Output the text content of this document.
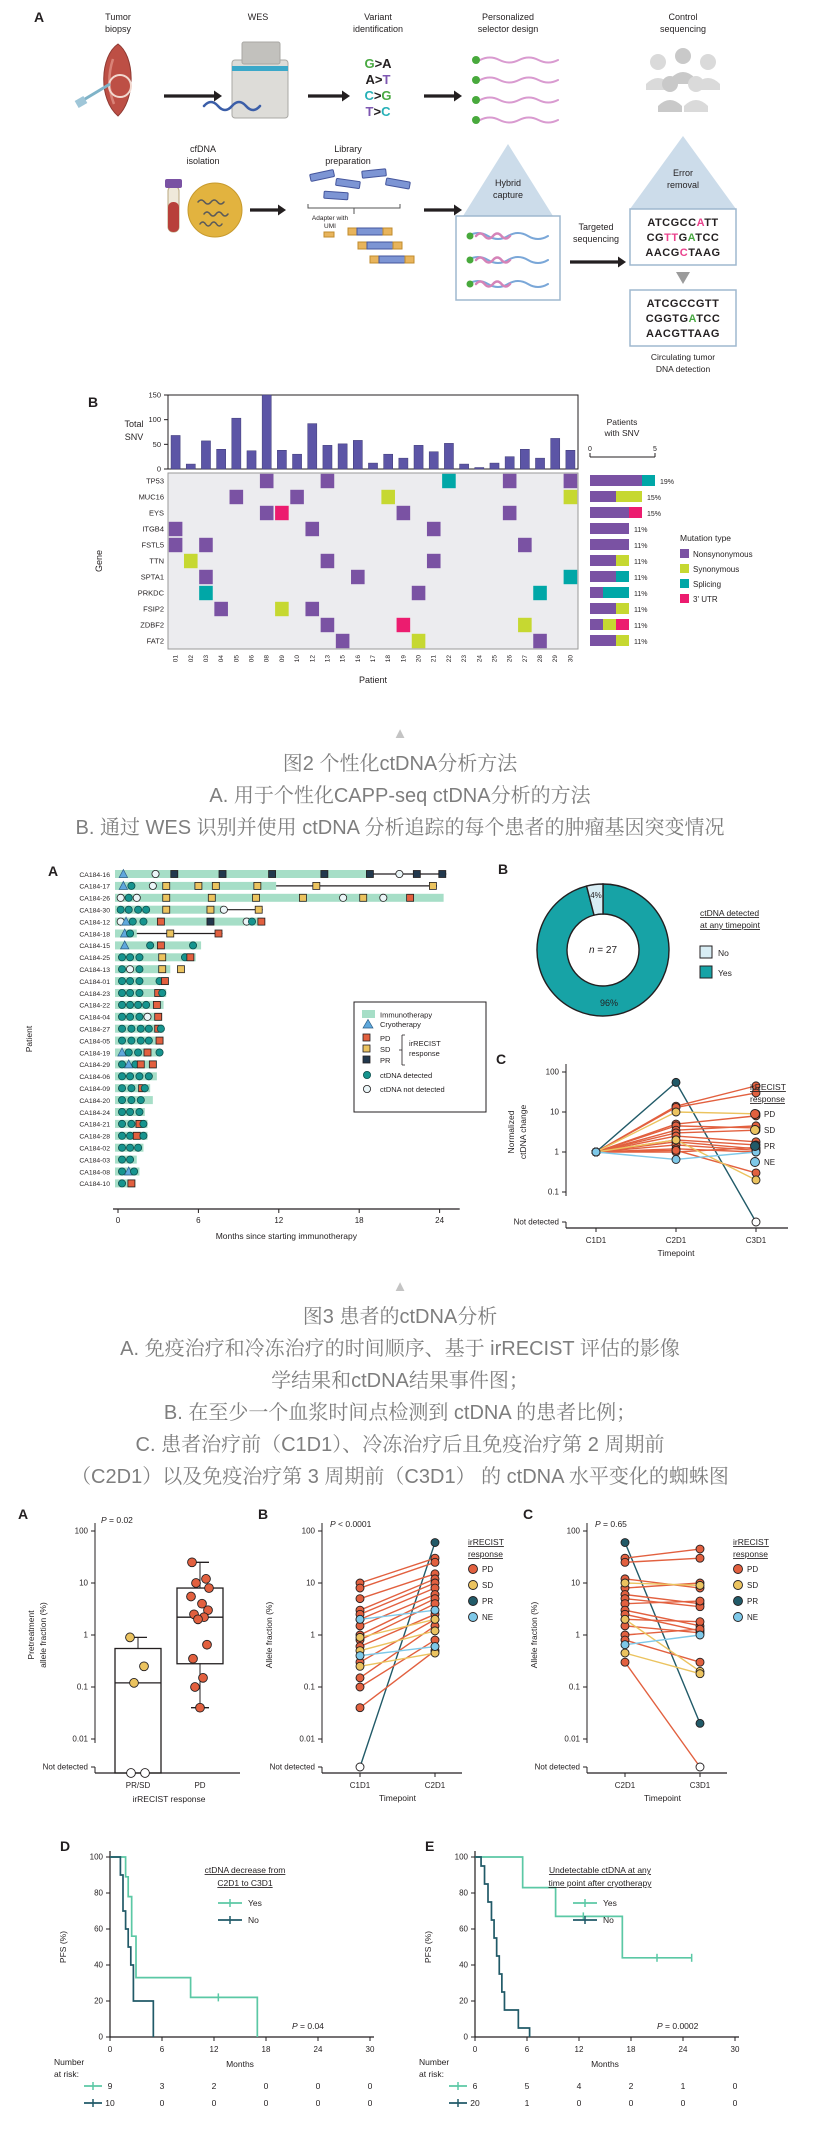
A	Tumor
biopsy
WES	Variant
identification
Personalized
selector design
Control
sequencing
G>A
A>T
C>G
T>C
cfDNA
isolation
Library
preparation
Adapter with
UMI
Hybrid
capture
Targeted
sequencing
Error
removal
ATCGCCATT
CGTTGATCC
AACGCTAAG
ATCGCCGTT
CGGTGATCC
AACGTTAAG
Circulating tumor
DNA detection
B
0
50
100
150
Total
SNV
TP53
MUC16
EYS
ITGB4
FSTL5
TTN
SPTA1
PRKDC
FSIP2
ZDBF2
FAT2
Gene
01 02 03 04 05 06 08 09 10 12 13 15 16 17 18 19 20 21 22 23 24 25 26 27 28 29 30
Patient
Patients
with SNV
0	5
19%
15%
15%
11%
11%
11%
11%
11%
11%
11%
11%
Mutation type
Nonsynonymous
Synonymous
Splicing
3' UTR
▲
图2 个性化ctDNA分析方法
A. 用于个性化CAPP-seq ctDNA分析的方法
B. 通过 WES 识别并使用 ctDNA 分析追踪的每个患者的肿瘤基因突变情况
A
Patient
CA184-16
CA184-17
CA184-26
CA184-30
CA184-12
CA184-18
CA184-15
CA184-25
CA184-13
CA184-01
CA184-23
CA184-22
CA184-04
CA184-27
CA184-05
CA184-19
CA184-29
CA184-06
CA184-09
CA184-20
CA184-24
CA184-21
CA184-28
CA184-02
CA184-03
CA184-08
CA184-10
0	6	12	18	24
Months since starting immunotherapy
Immunotherapy
Cryotherapy
PD
SD
PR
irRECIST
response
ctDNA detected
ctDNA not detected
B
4%
96%
n = 27
ctDNA detected
at any timepoint
No
Yes
C
100
10
1
0.1
Not detected
Normalized ctDNA change
C1D1	C2D1	C3D1
Timepoint
irRECIST
response
PD
SD
PR
NE
▲
图3 患者的ctDNA分析
A. 免疫治疗和冷冻治疗的时间顺序、基于 irRECIST 评估的影像
学结果和ctDNA结果事件图；
B. 在至少一个血浆时间点检测到 ctDNA 的患者比例；
C. 患者治疗前（C1D1）、冷冻治疗后且免疫治疗第 2 周期前
（C2D1）以及免疫治疗第 3 周期前（C3D1） 的 ctDNA 水平变化的蜘蛛图
A	P = 0.02
100
10
1
0.1
0.01
Not detected
Pretreatment allele fraction (%)
PR/SD	PD
irRECIST response
B
P < 0.0001
100
10
1
0.1
0.01
Not detected
Allele fraction (%)
C1D1	C2D1
Timepoint
irRECIST
response
PD
SD
PR
NE
C
P = 0.65
100
10
1
0.1
0.01
Not detected
Allele fraction (%)
C2D1	C3D1
Timepoint
irRECIST
response
PD
SD
PR
NE
D
0
20
40
60
80
100
0	6	12	18	24	30
PFS (%)
Months
ctDNA decrease from
C2D1 to C3D1
Yes
No
P = 0.04
Number
at risk:
9	3	2	0	0	0
10	0	0	0	0	0
E
0
20
40
60
80
100
0	6	12	18	24	30
PFS (%)
Months
Undetectable ctDNA at any
time point after cryotherapy
Yes
No
P = 0.0002
Number
at risk:
6	5	4	2	1	0
20	1	0	0	0	0
